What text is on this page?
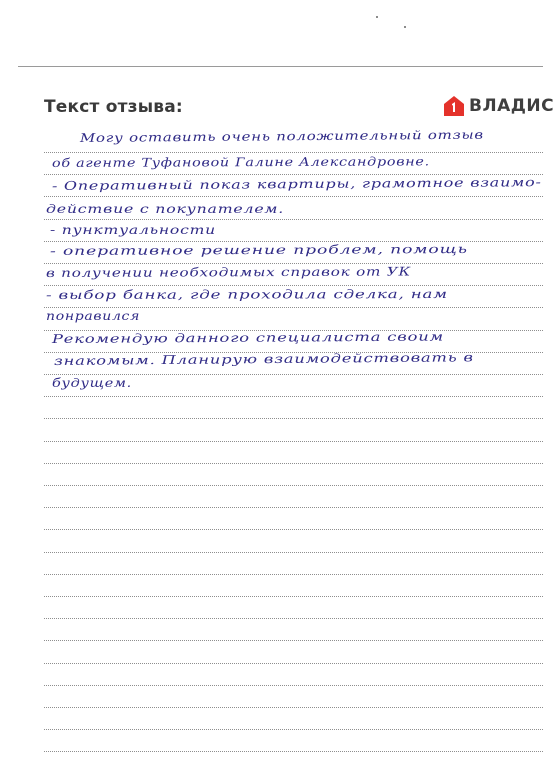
Текст отзыва:	ВЛАДИС
Могу оставить очень положительный отзыв
об агенте Туфановой Галине Александровне.
- Оперативный показ квартиры, грамотное взаимо-
действие с покупателем.
- пунктуальности
- оперативное решение проблем, помощь
в получении необходимых справок от УК
- выбор банка, где проходила сделка, нам
понравился
Рекомендую данного специалиста своим
знакомым. Планирую взаимодействовать в
будущем.
